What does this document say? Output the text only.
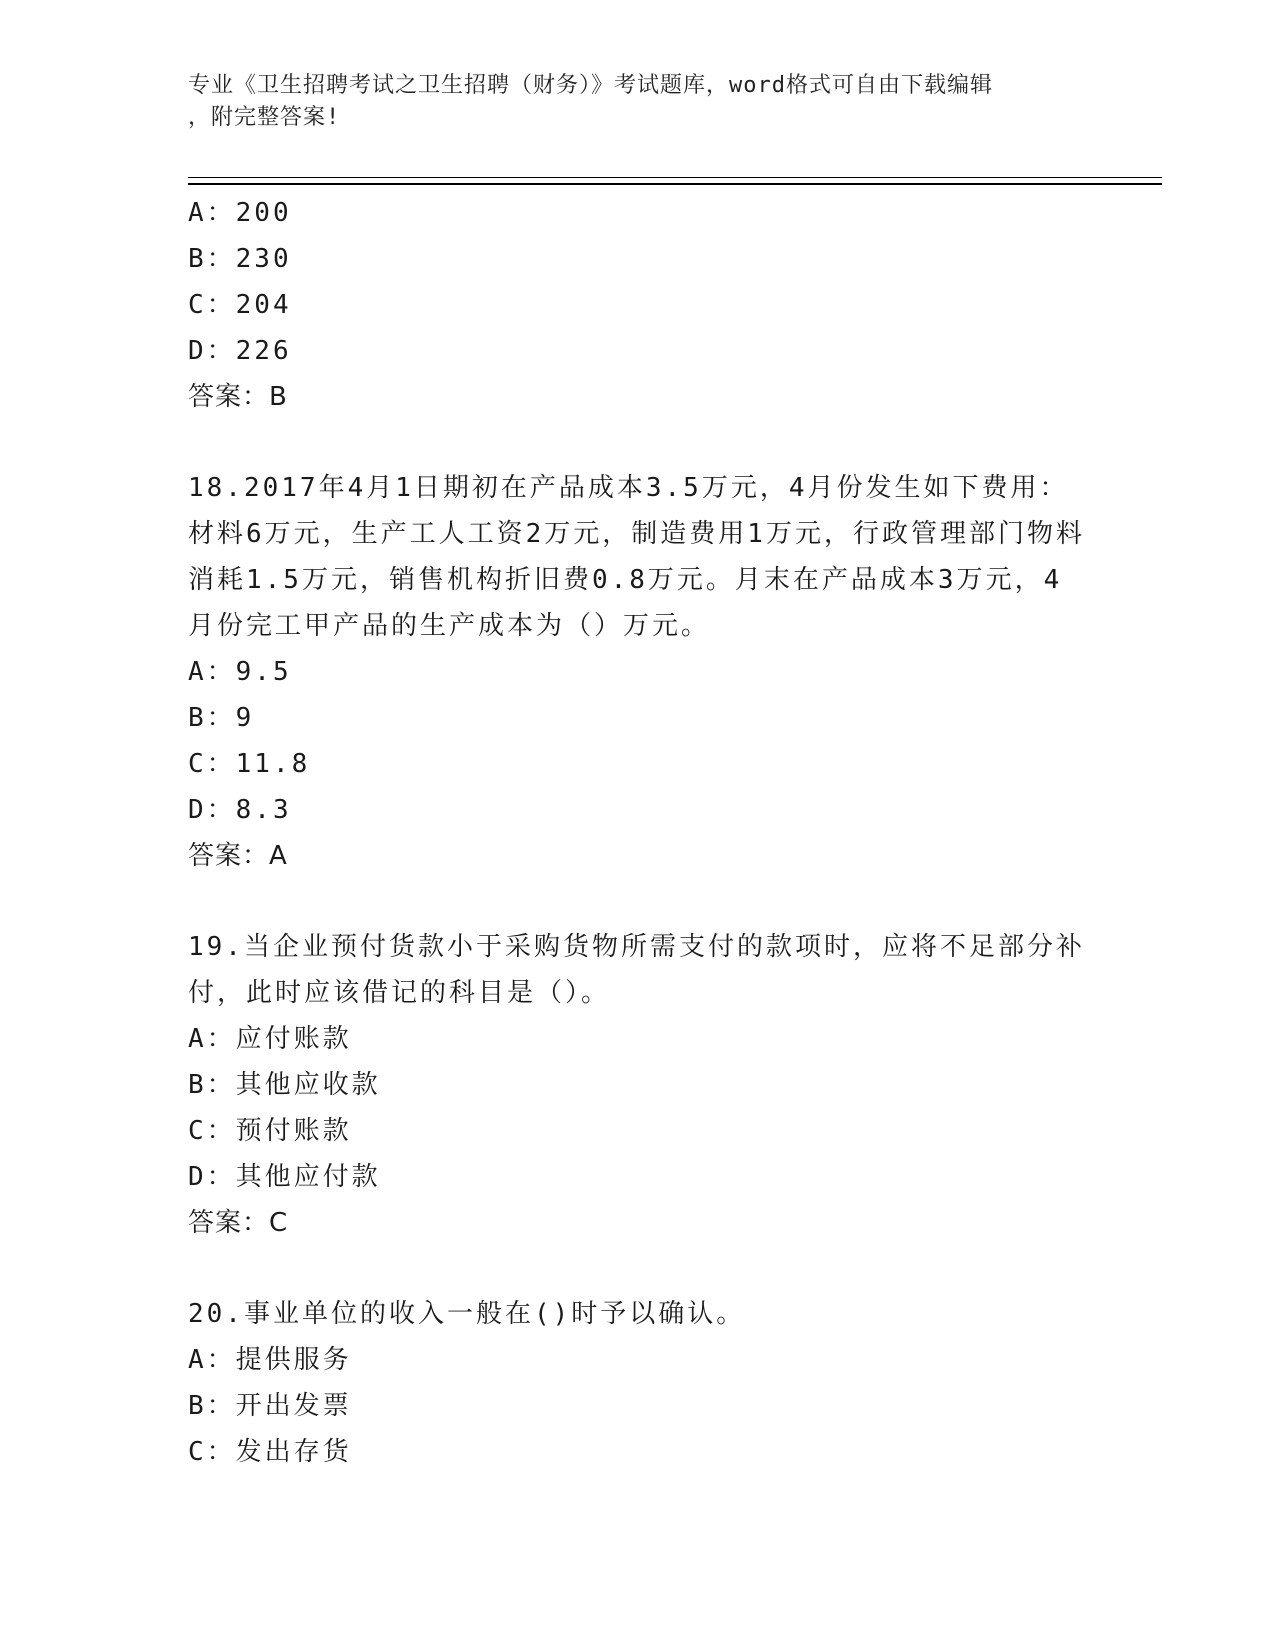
专业《卫生招聘考试之卫生招聘（财务）》考试题库，word格式可自由下载编辑
，附完整答案!
A：200
B：230
C：204
D：226
答案：B
18.2017年4月1日期初在产品成本3.5万元，4月份发生如下费用：材料6万元，生产工人工资2万元，制造费用1万元，行政管理部门物料消耗1.5万元，销售机构折旧费0.8万元。月末在产品成本3万元，4月份完工甲产品的生产成本为（）万元。
A：9.5
B：9
C：11.8
D：8.3
答案：A
19.当企业预付货款小于采购货物所需支付的款项时，应将不足部分补付，此时应该借记的科目是（）。
A：应付账款
B：其他应收款
C：预付账款
D：其他应付款
答案：C
20.事业单位的收入一般在()时予以确认。
A：提供服务
B：开出发票
C：发出存货
